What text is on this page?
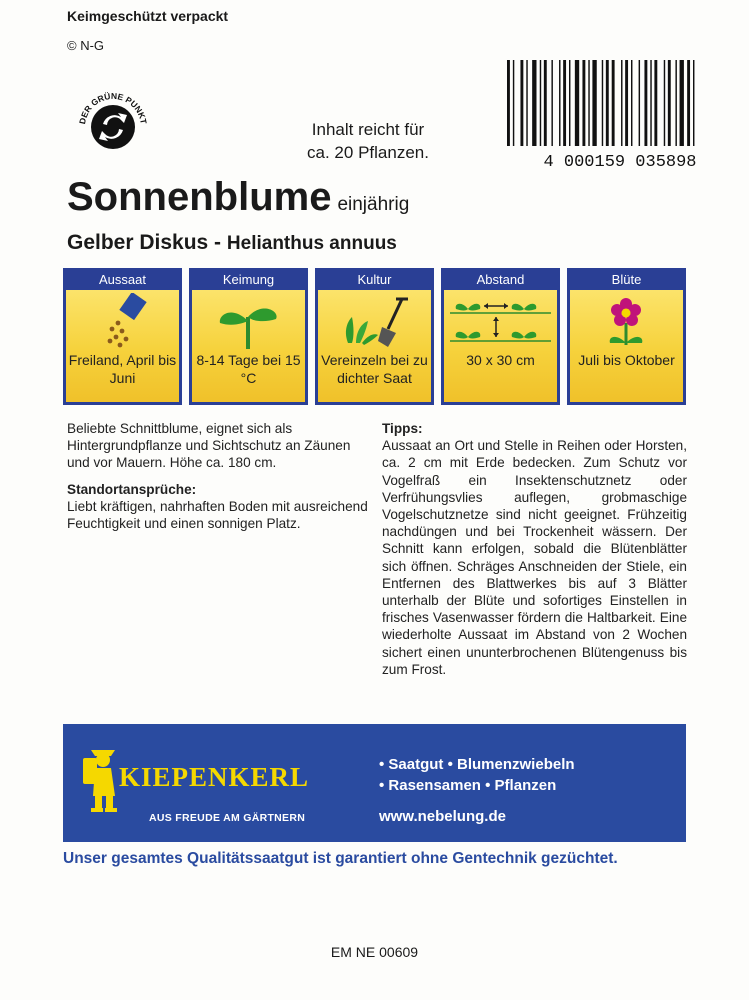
Keimgeschützt verpackt
© N-G
DER GRÜNE PUNKT	Inhalt reicht für
ca. 20 Pflanzen.
4 000159 035898
Sonnenblume einjährig
Gelber Diskus - Helianthus annuus
Aussaat
Freiland, April bis Juni
Keimung
8-14 Tage bei 15 °C
Kultur
Vereinzeln bei zu dichter Saat
Abstand
30 x 30 cm
Blüte
Juli bis Oktober

Beliebte Schnittblume, eignet sich als Hintergrundpflanze und Sichtschutz an Zäunen und vor Mauern. Höhe ca. 180 cm.

Standortansprüche:

Liebt kräftigen, nahrhaften Boden mit ausreichend Feuchtigkeit und einen sonnigen Platz.

Tipps:

Aussaat an Ort und Stelle in Reihen oder Horsten, ca. 2 cm mit Erde bedecken. Zum Schutz vor Vogelfraß ein Insektenschutznetz oder Verfrühungsvlies auflegen, grobmaschige Vogelschutznetze sind nicht geeignet. Frühzeitig nachdüngen und bei Trockenheit wässern. Der Schnitt kann erfolgen, sobald die Blütenblätter sich öffnen. Schräges Anschneiden der Stiele, ein Entfernen des Blattwerkes bis auf 3 Blätter unterhalb der Blüte und sofortiges Einstellen in frisches Vasenwasser fördern die Haltbarkeit. Eine wiederholte Aussaat im Abstand von 2 Wochen sichert einen ununterbrochenen Blütengenuss bis zum Frost.

KIEPENKERL
AUS FREUDE AM GÄRTNERN
• Saatgut • Blumenzwiebeln
• Rasensamen • Pflanzen
www.nebelung.de
Unser gesamtes Qualitätssaatgut ist garantiert ohne Gentechnik gezüchtet.
EM NE 00609
